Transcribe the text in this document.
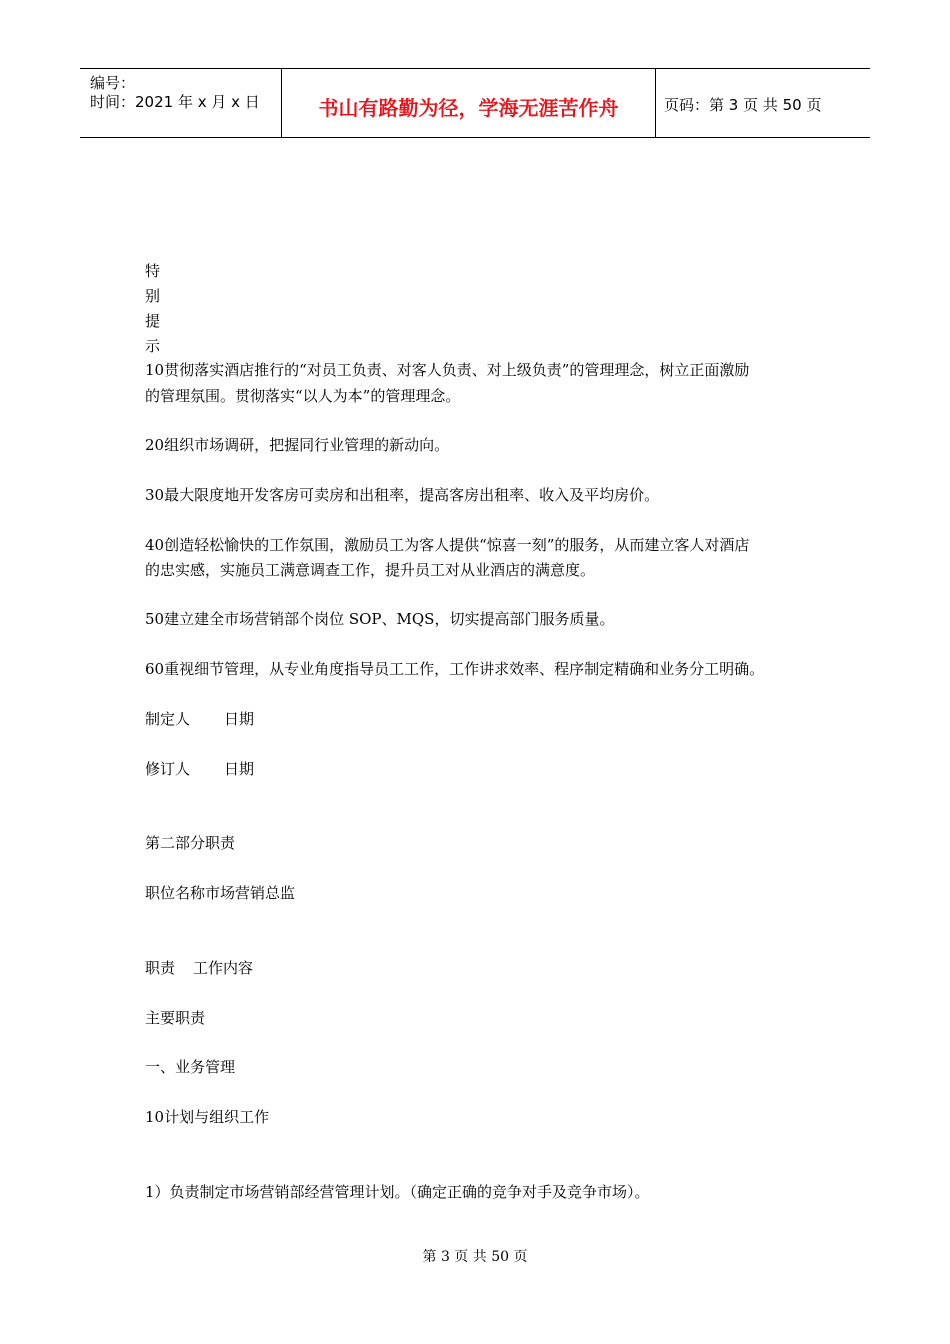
编号：
时间：2021 年 x 月 x 日	书山有路勤为径，学海无涯苦作舟	页码：第 3 页 共 50 页
特
别
提
示
10贯彻落实酒店推行的“对员工负责、对客人负责、对上级负责”的管理理念，树立正面激励
的管理氛围。贯彻落实“以人为本”的管理理念。
20组织市场调研，把握同行业管理的新动向。
30最大限度地开发客房可卖房和出租率，提高客房出租率、收入及平均房价。
40创造轻松愉快的工作氛围，激励员工为客人提供“惊喜一刻”的服务，从而建立客人对酒店
的忠实感，实施员工满意调查工作，提升员工对从业酒店的满意度。
50建立建全市场营销部个岗位 SOP、MQS，切实提高部门服务质量。
60重视细节管理，从专业角度指导员工工作，工作讲求效率、程序制定精确和业务分工明确。
制定人 日期
修订人 日期
第二部分职责
职位名称市场营销总监
职责 工作内容
主要职责
一、业务管理
10计划与组织工作
1）负责制定市场营销部经营管理计划。（确定正确的竞争对手及竞争市场）。
第 3 页 共 50 页
